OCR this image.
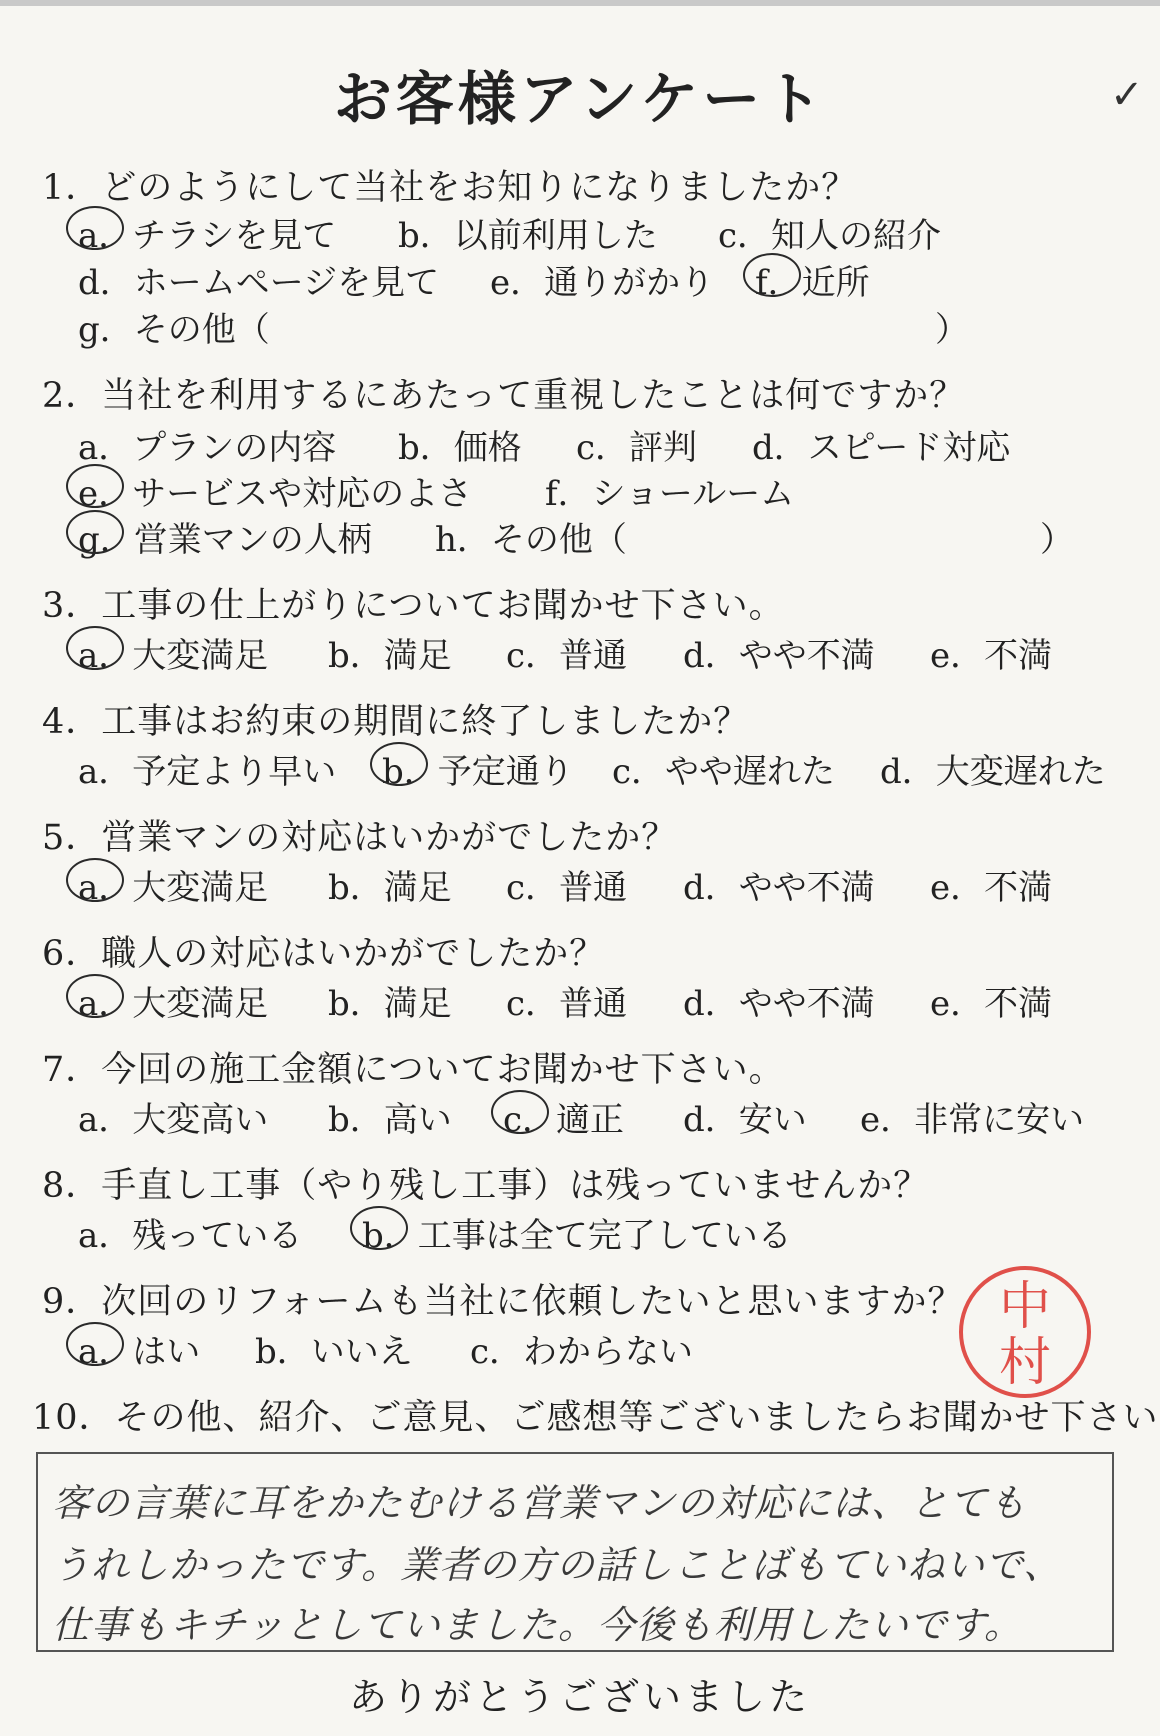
お客様アンケート	✓
1．どのようにして当社をお知りになりましたか？
a．チラシを見て b．以前利用した c．知人の紹介
d．ホームページを見て e．通りがかり f．近所
g．その他（	）
2．当社を利用するにあたって重視したことは何ですか？
a．プランの内容 b．価格 c．評判 d．スピード対応
e．サービスや対応のよさ f．ショールーム
g．営業マンの人柄 h．その他（	）
3．工事の仕上がりについてお聞かせ下さい。
a．大変満足 b．満足 c．普通 d．やや不満 e．不満
4．工事はお約束の期間に終了しましたか？
a．予定より早い b．予定通り c．やや遅れた d．大変遅れた
5．営業マンの対応はいかがでしたか？
a．大変満足 b．満足 c．普通 d．やや不満 e．不満
6．職人の対応はいかがでしたか？
a．大変満足 b．満足 c．普通 d．やや不満 e．不満
7．今回の施工金額についてお聞かせ下さい。
a．大変高い b．高い c．適正 d．安い e．非常に安い
8．手直し工事（やり残し工事）は残っていませんか？
a．残っている b．工事は全て完了している
9．次回のリフォームも当社に依頼したいと思いますか？
a．はい b．いいえ c．わからない
中
村
10．その他、紹介、ご意見、ご感想等ございましたらお聞かせ下さい
客の言葉に耳をかたむける営業マンの対応には、とても
うれしかったです。業者の方の話しことばもていねいで、
仕事もキチッとしていました。今後も利用したいです。
ありがとうございました
